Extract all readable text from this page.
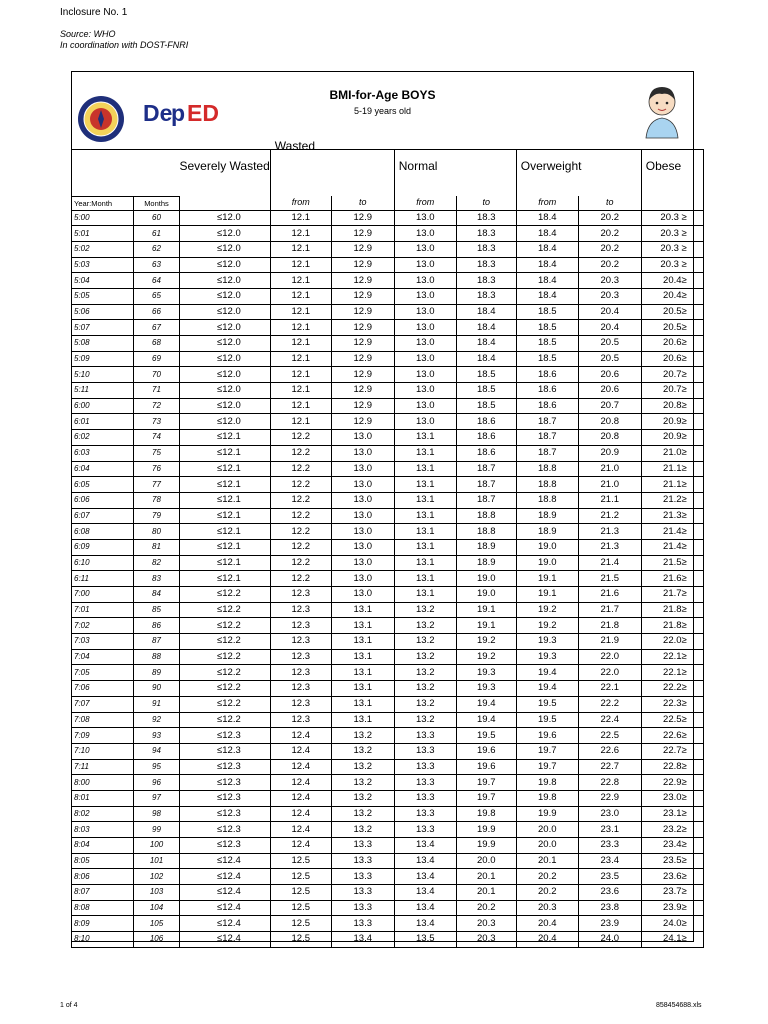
Inclosure No. 1
Source: WHO
In coordination with DOST-FNRI
BMI-for-Age BOYS
5-19 years old
De
p ED
		Severely Wasted	Wasted		Normal		Overweight		Obese
Year:Month	Months		from	to	from	to	from	to	
5:00	60	≤12.0	12.1	12.9	13.0	18.3	18.4	20.2	20.3 ≥
5:01	61	≤12.0	12.1	12.9	13.0	18.3	18.4	20.2	20.3 ≥
5:02	62	≤12.0	12.1	12.9	13.0	18.3	18.4	20.2	20.3 ≥
5:03	63	≤12.0	12.1	12.9	13.0	18.3	18.4	20.2	20.3 ≥
5:04	64	≤12.0	12.1	12.9	13.0	18.3	18.4	20.3	20.4≥
5:05	65	≤12.0	12.1	12.9	13.0	18.3	18.4	20.3	20.4≥
5:06	66	≤12.0	12.1	12.9	13.0	18.4	18.5	20.4	20.5≥
5:07	67	≤12.0	12.1	12.9	13.0	18.4	18.5	20.4	20.5≥
5:08	68	≤12.0	12.1	12.9	13.0	18.4	18.5	20.5	20.6≥
5:09	69	≤12.0	12.1	12.9	13.0	18.4	18.5	20.5	20.6≥
5:10	70	≤12.0	12.1	12.9	13.0	18.5	18.6	20.6	20.7≥
5:11	71	≤12.0	12.1	12.9	13.0	18.5	18.6	20.6	20.7≥
6:00	72	≤12.0	12.1	12.9	13.0	18.5	18.6	20.7	20.8≥
6:01	73	≤12.0	12.1	12.9	13.0	18.6	18.7	20.8	20.9≥
6:02	74	≤12.1	12.2	13.0	13.1	18.6	18.7	20.8	20.9≥
6:03	75	≤12.1	12.2	13.0	13.1	18.6	18.7	20.9	21.0≥
6:04	76	≤12.1	12.2	13.0	13.1	18.7	18.8	21.0	21.1≥
6:05	77	≤12.1	12.2	13.0	13.1	18.7	18.8	21.0	21.1≥
6:06	78	≤12.1	12.2	13.0	13.1	18.7	18.8	21.1	21.2≥
6:07	79	≤12.1	12.2	13.0	13.1	18.8	18.9	21.2	21.3≥
6:08	80	≤12.1	12.2	13.0	13.1	18.8	18.9	21.3	21.4≥
6:09	81	≤12.1	12.2	13.0	13.1	18.9	19.0	21.3	21.4≥
6:10	82	≤12.1	12.2	13.0	13.1	18.9	19.0	21.4	21.5≥
6:11	83	≤12.1	12.2	13.0	13.1	19.0	19.1	21.5	21.6≥
7:00	84	≤12.2	12.3	13.0	13.1	19.0	19.1	21.6	21.7≥
7:01	85	≤12.2	12.3	13.1	13.2	19.1	19.2	21.7	21.8≥
7:02	86	≤12.2	12.3	13.1	13.2	19.1	19.2	21.8	21.8≥
7:03	87	≤12.2	12.3	13.1	13.2	19.2	19.3	21.9	22.0≥
7:04	88	≤12.2	12.3	13.1	13.2	19.2	19.3	22.0	22.1≥
7:05	89	≤12.2	12.3	13.1	13.2	19.3	19.4	22.0	22.1≥
7:06	90	≤12.2	12.3	13.1	13.2	19.3	19.4	22.1	22.2≥
7:07	91	≤12.2	12.3	13.1	13.2	19.4	19.5	22.2	22.3≥
7:08	92	≤12.2	12.3	13.1	13.2	19.4	19.5	22.4	22.5≥
7:09	93	≤12.3	12.4	13.2	13.3	19.5	19.6	22.5	22.6≥
7:10	94	≤12.3	12.4	13.2	13.3	19.6	19.7	22.6	22.7≥
7:11	95	≤12.3	12.4	13.2	13.3	19.6	19.7	22.7	22.8≥
8:00	96	≤12.3	12.4	13.2	13.3	19.7	19.8	22.8	22.9≥
8:01	97	≤12.3	12.4	13.2	13.3	19.7	19.8	22.9	23.0≥
8:02	98	≤12.3	12.4	13.2	13.3	19.8	19.9	23.0	23.1≥
8:03	99	≤12.3	12.4	13.2	13.3	19.9	20.0	23.1	23.2≥
8:04	100	≤12.3	12.4	13.3	13.4	19.9	20.0	23.3	23.4≥
8:05	101	≤12.4	12.5	13.3	13.4	20.0	20.1	23.4	23.5≥
8:06	102	≤12.4	12.5	13.3	13.4	20.1	20.2	23.5	23.6≥
8:07	103	≤12.4	12.5	13.3	13.4	20.1	20.2	23.6	23.7≥
8:08	104	≤12.4	12.5	13.3	13.4	20.2	20.3	23.8	23.9≥
8:09	105	≤12.4	12.5	13.3	13.4	20.3	20.4	23.9	24.0≥
8:10	106	≤12.4	12.5	13.4	13.5	20.3	20.4	24.0	24.1≥
1 of 4	858454688.xls
